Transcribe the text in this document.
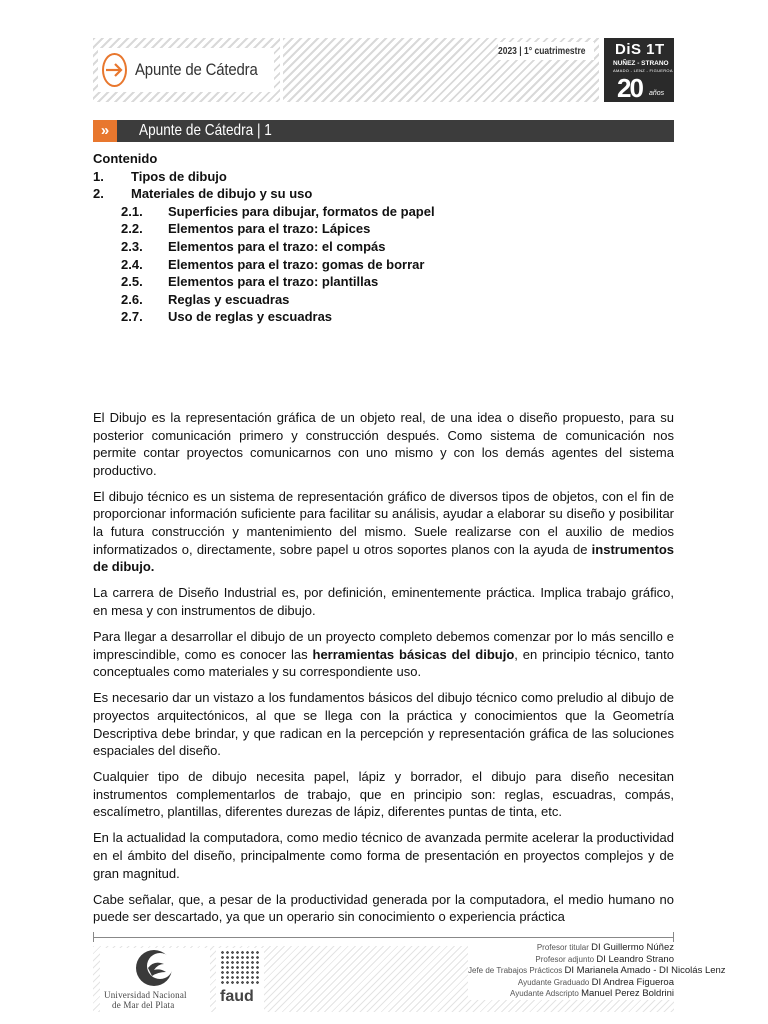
Apunte de Cátedra
2023 | 1° cuatrimestre DiS 1T
NUÑEZ - STRANO
AMADO - LENZ - FIGUEROA
20 años
»	Apunte de Cátedra | 1
Contenido
1.	Tipos de dibujo
2.	Materiales de dibujo y su uso
2.1.	Superficies para dibujar, formatos de papel
2.2.	Elementos para el trazo: Lápices
2.3.	Elementos para el trazo: el compás
2.4.	Elementos para el trazo: gomas de borrar
2.5.	Elementos para el trazo: plantillas
2.6.	Reglas y escuadras
2.7.	Uso de reglas y escuadras

El Dibujo es la representación gráfica de un objeto real, de una idea o diseño propuesto, para su posterior comunicación primero y construcción después. Como sistema de comunicación nos permite contar proyectos comunicarnos con uno mismo y con los demás agentes del sistema productivo.

El dibujo técnico es un sistema de representación gráfico de diversos tipos de objetos, con el fin de proporcionar información suficiente para facilitar su análisis, ayudar a elaborar su diseño y posibilitar la futura construcción y mantenimiento del mismo. Suele realizarse con el auxilio de medios informatizados o, directamente, sobre papel u otros soportes planos con la ayuda de instrumentos de dibujo.

La carrera de Diseño Industrial es, por definición, eminentemente práctica. Implica trabajo gráfico, en mesa y con instrumentos de dibujo.

Para llegar a desarrollar el dibujo de un proyecto completo debemos comenzar por lo más sencillo e imprescindible, como es conocer las herramientas básicas del dibujo, en principio técnico, tanto conceptuales como materiales y su correspondiente uso.

Es necesario dar un vistazo a los fundamentos básicos del dibujo técnico como preludio al dibujo de proyectos arquitectónicos, al que se llega con la práctica y conocimientos que la Geometría Descriptiva debe brindar, y que radican en la percepción y representación gráfica de las soluciones espaciales del diseño.

Cualquier tipo de dibujo necesita papel, lápiz y borrador, el dibujo para diseño necesitan instrumentos complementarlos de trabajo, que en principio son: reglas, escuadras, compás, escalímetro, plantillas, diferentes durezas de lápiz, diferentes puntas de tinta, etc.

En la actualidad la computadora, como medio técnico de avanzada permite acelerar la productividad en el ámbito del diseño, principalmente como forma de presentación en proyectos complejos y de gran magnitud.

Cabe señalar, que, a pesar de la productividad generada por la computadora, el medio humano no puede ser descartado, ya que un operario sin conocimiento o experiencia práctica

Universidad Nacional
de Mar del Plata	faud
Profesor titular DI Guillermo Núñez
Profesor adjunto DI Leandro Strano
Jefe de Trabajos Prácticos DI Marianela Amado - DI Nicolás Lenz
Ayudante Graduado DI Andrea Figueroa
Ayudante Adscripto Manuel Perez Boldrini
